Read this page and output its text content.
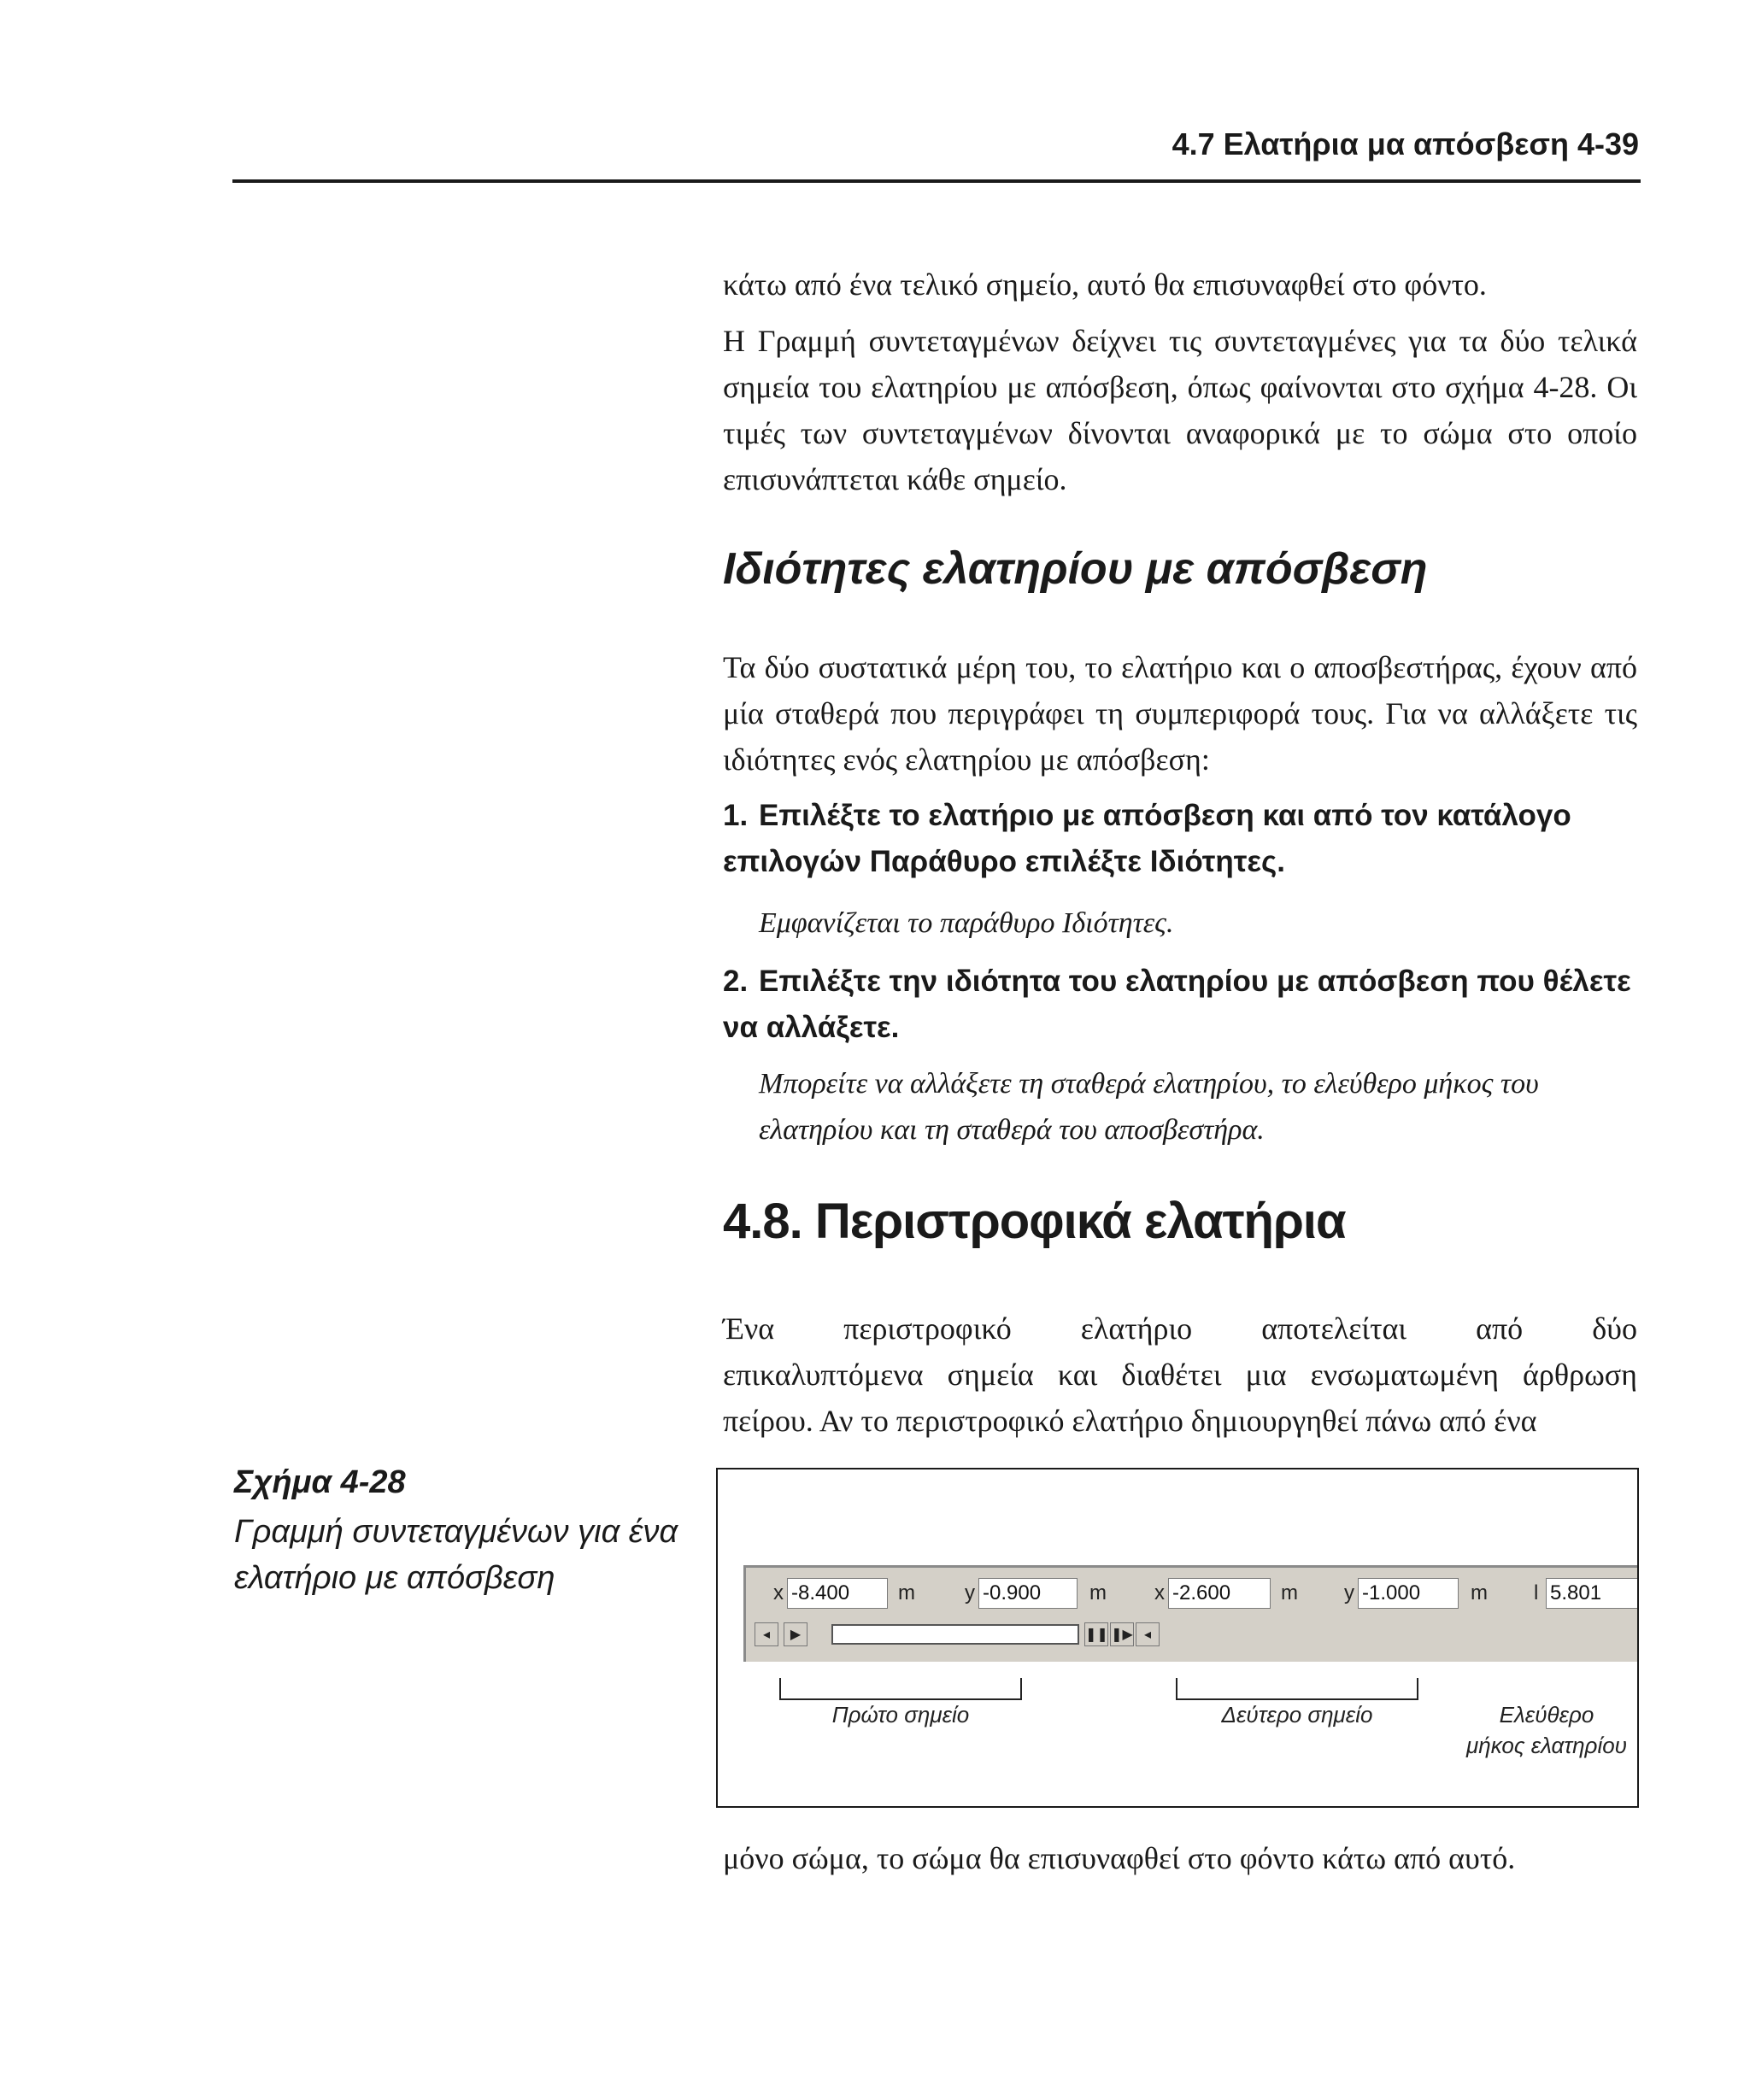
4.7 Ελατήρια μα απόσβεση 4-39

κάτω από ένα τελικό σημείο, αυτό θα επισυναφθεί στο φόντο.

Η Γραμμή συντεταγμένων δείχνει τις συντεταγμένες για τα δύο τελικά σημεία του ελατηρίου με απόσβεση, όπως φαίνονται στο σχήμα 4-28. Οι τιμές των συντεταγμένων δίνονται αναφορικά με το σώμα στο οποίο επισυνάπτεται κάθε σημείο.

Ιδιότητες ελατηρίου με απόσβεση

Τα δύο συστατικά μέρη του, το ελατήριο και ο αποσβεστήρας, έχουν από μία σταθερά που περιγράφει τη συμπεριφορά τους. Για να αλλάξετε τις ιδιότητες ενός ελατηρίου με απόσβεση:

1. Επιλέξτε το ελατήριο με απόσβεση και από τον κατάλογο επιλογών Παράθυρο επιλέξτε Ιδιότητες.

Εμφανίζεται το παράθυρο Ιδιότητες.

2. Επιλέξτε την ιδιότητα του ελατηρίου με απόσβεση που θέλετε να αλλάξετε.

Μπορείτε να αλλάξετε τη σταθερά ελατηρίου, το ελεύθερο μήκος του ελατηρίου και τη σταθερά του αποσβεστήρα.

4.8. Περιστροφικά ελατήρια

Ένα περιστροφικό ελατήριο αποτελείται από δύο

επικαλυπτόμενα σημεία και διαθέτει μια ενσωματωμένη άρθρωση πείρου. Αν το περιστροφικό ελατήριο δημιουργηθεί πάνω από ένα

Σχήμα 4-28
Γραμμή συντεταγμένων για ένα ελατήριο με απόσβεση	x -8.400	m y -0.900	m x -2.600	m y -1.000	m l 5.801
◂	▶	❚❚ ❚▶ ◂
Πρώτο σημείο	Δεύτερο σημείο	Ελεύθερο
μήκος ελατηρίου

μόνο σώμα, το σώμα θα επισυναφθεί στο φόντο κάτω από αυτό.
